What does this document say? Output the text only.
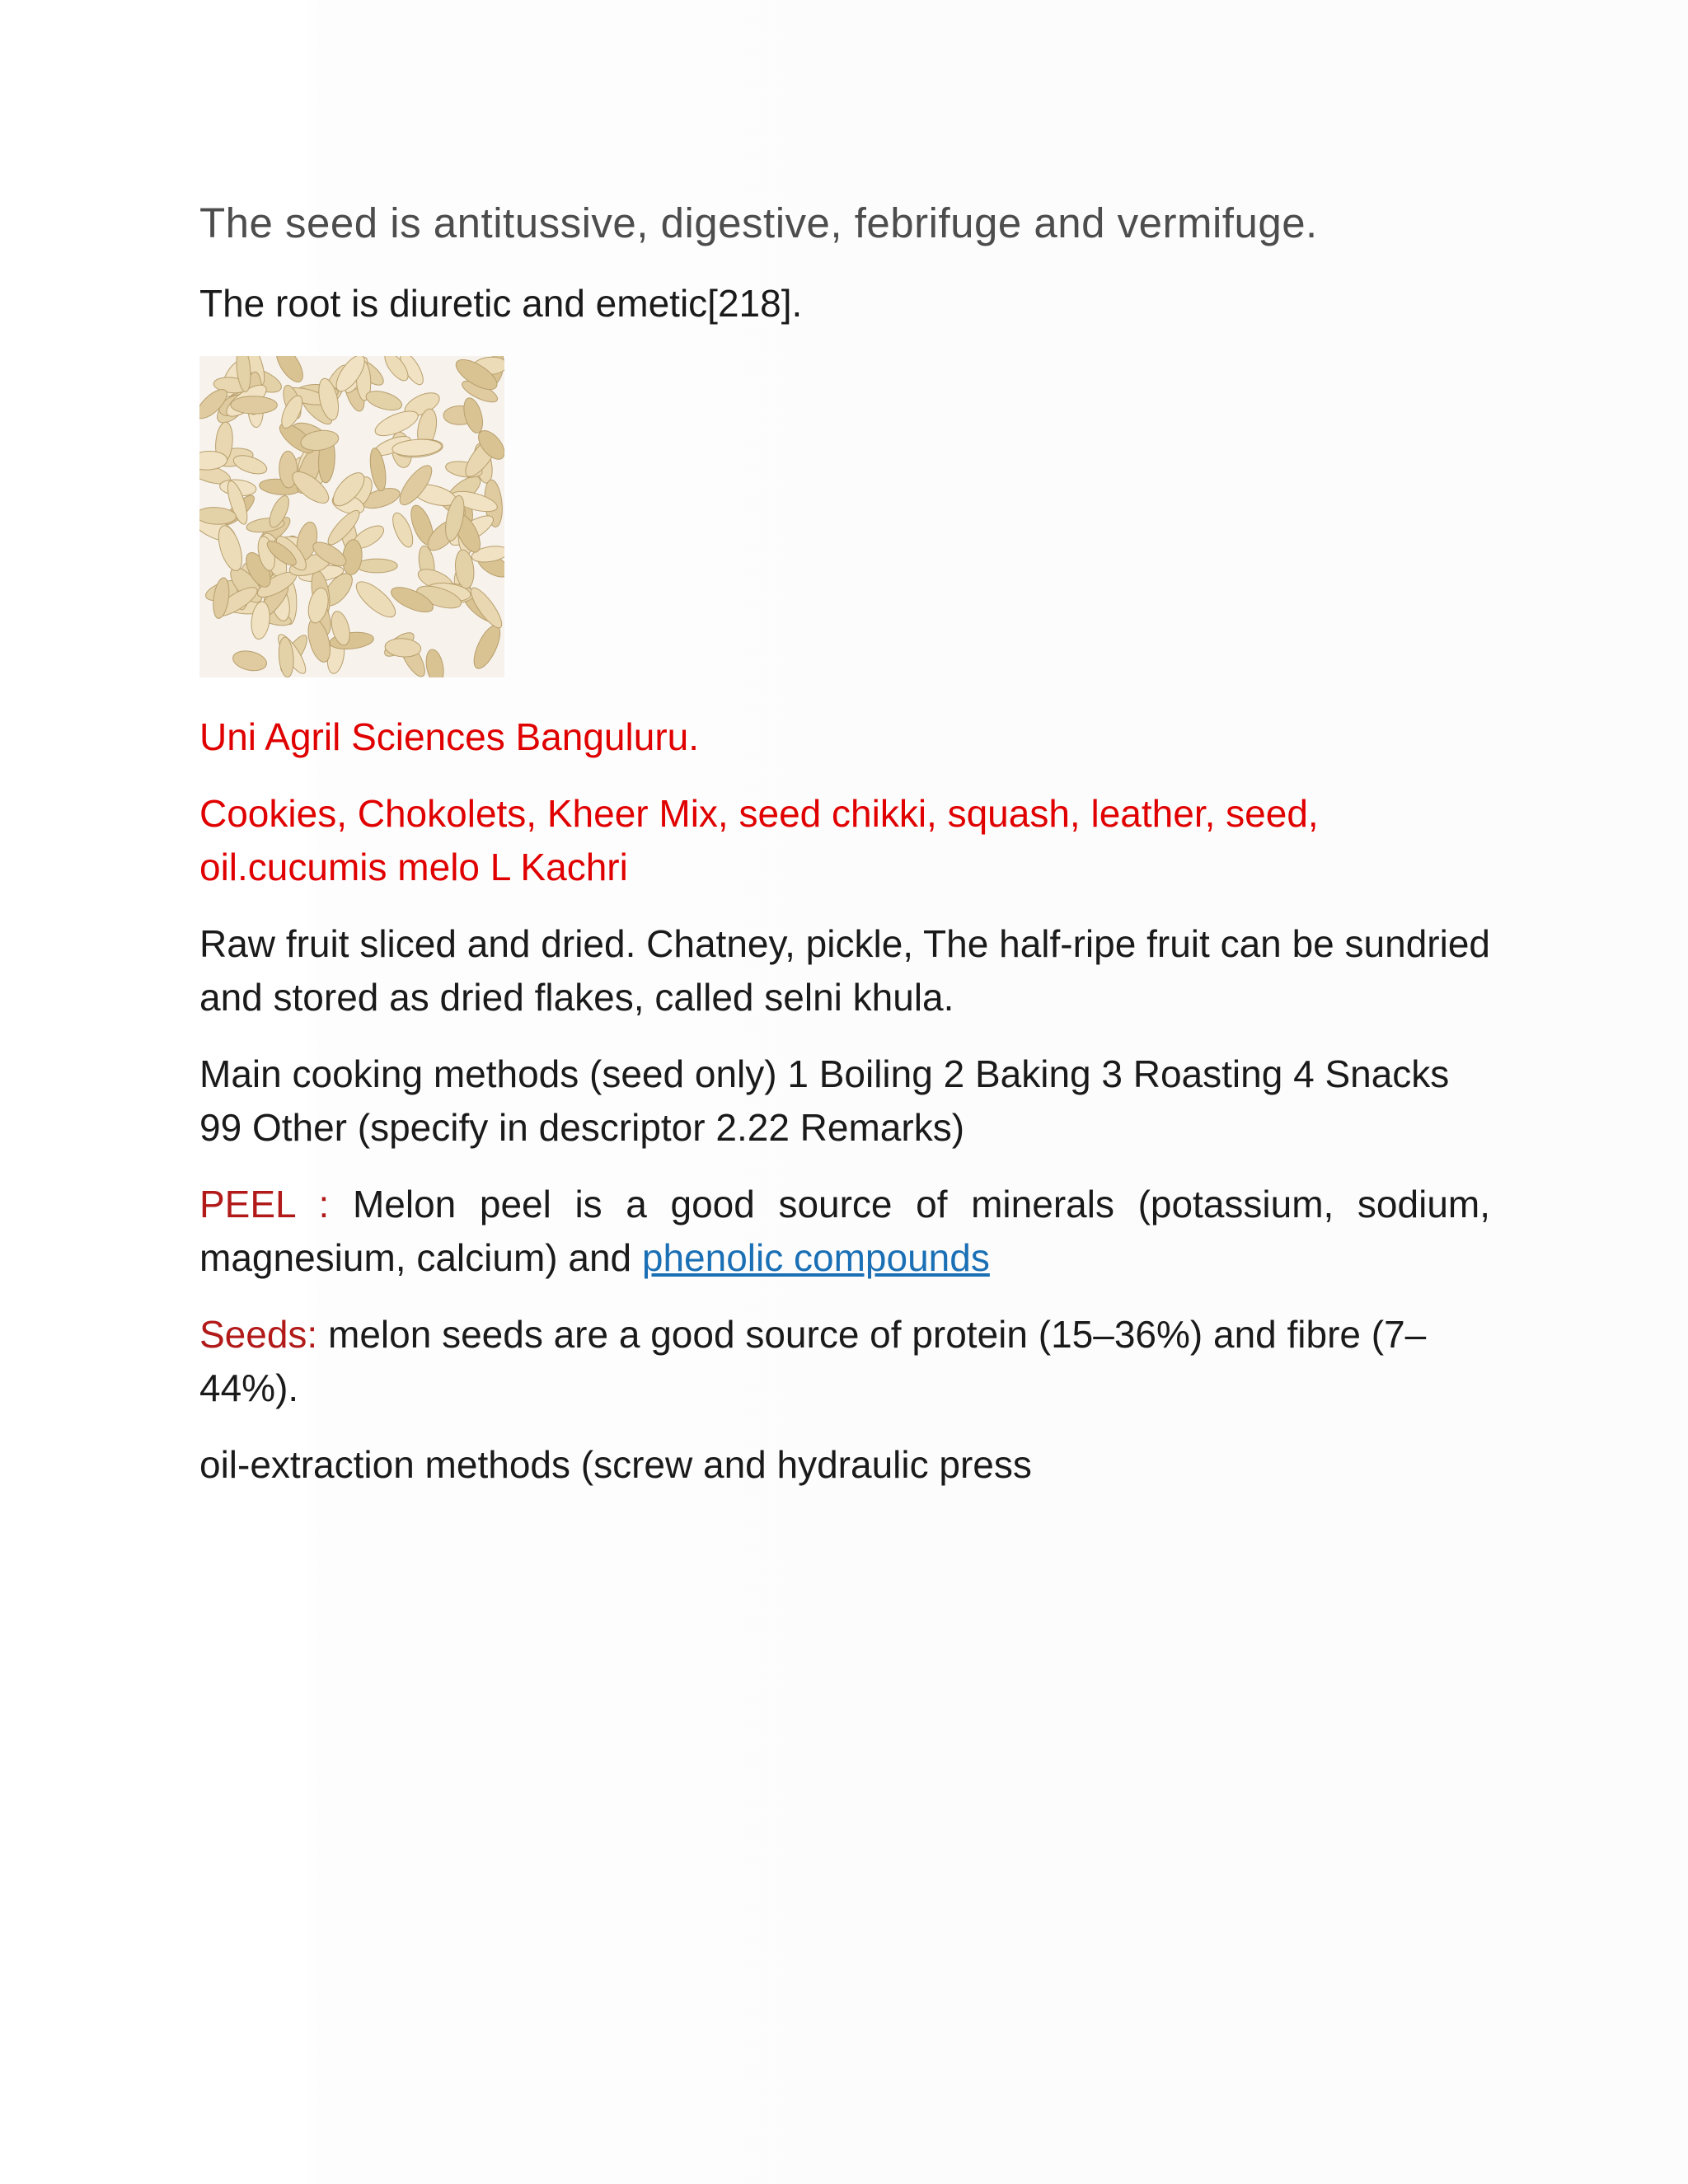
The seed is antitussive, digestive, febrifuge and vermifuge.

The root is diuretic and emetic[218].

Uni Agril Sciences Banguluru.

Cookies, Chokolets, Kheer Mix, seed chikki, squash, leather, seed, oil.cucumis melo L Kachri

Raw fruit sliced and dried. Chatney, pickle, The half-ripe fruit can be sundried and stored as dried flakes, called selni khula.

Main cooking methods (seed only) 1 Boiling 2 Baking 3 Roasting 4 Snacks 99 Other (specify in descriptor 2.22 Remarks)

PEEL : Melon peel is a good source of minerals (potassium, sodium, magnesium, calcium) and phenolic compounds

Seeds: melon seeds are a good source of protein (15–36%) and fibre (7–44%).

oil-extraction methods (screw and hydraulic press
